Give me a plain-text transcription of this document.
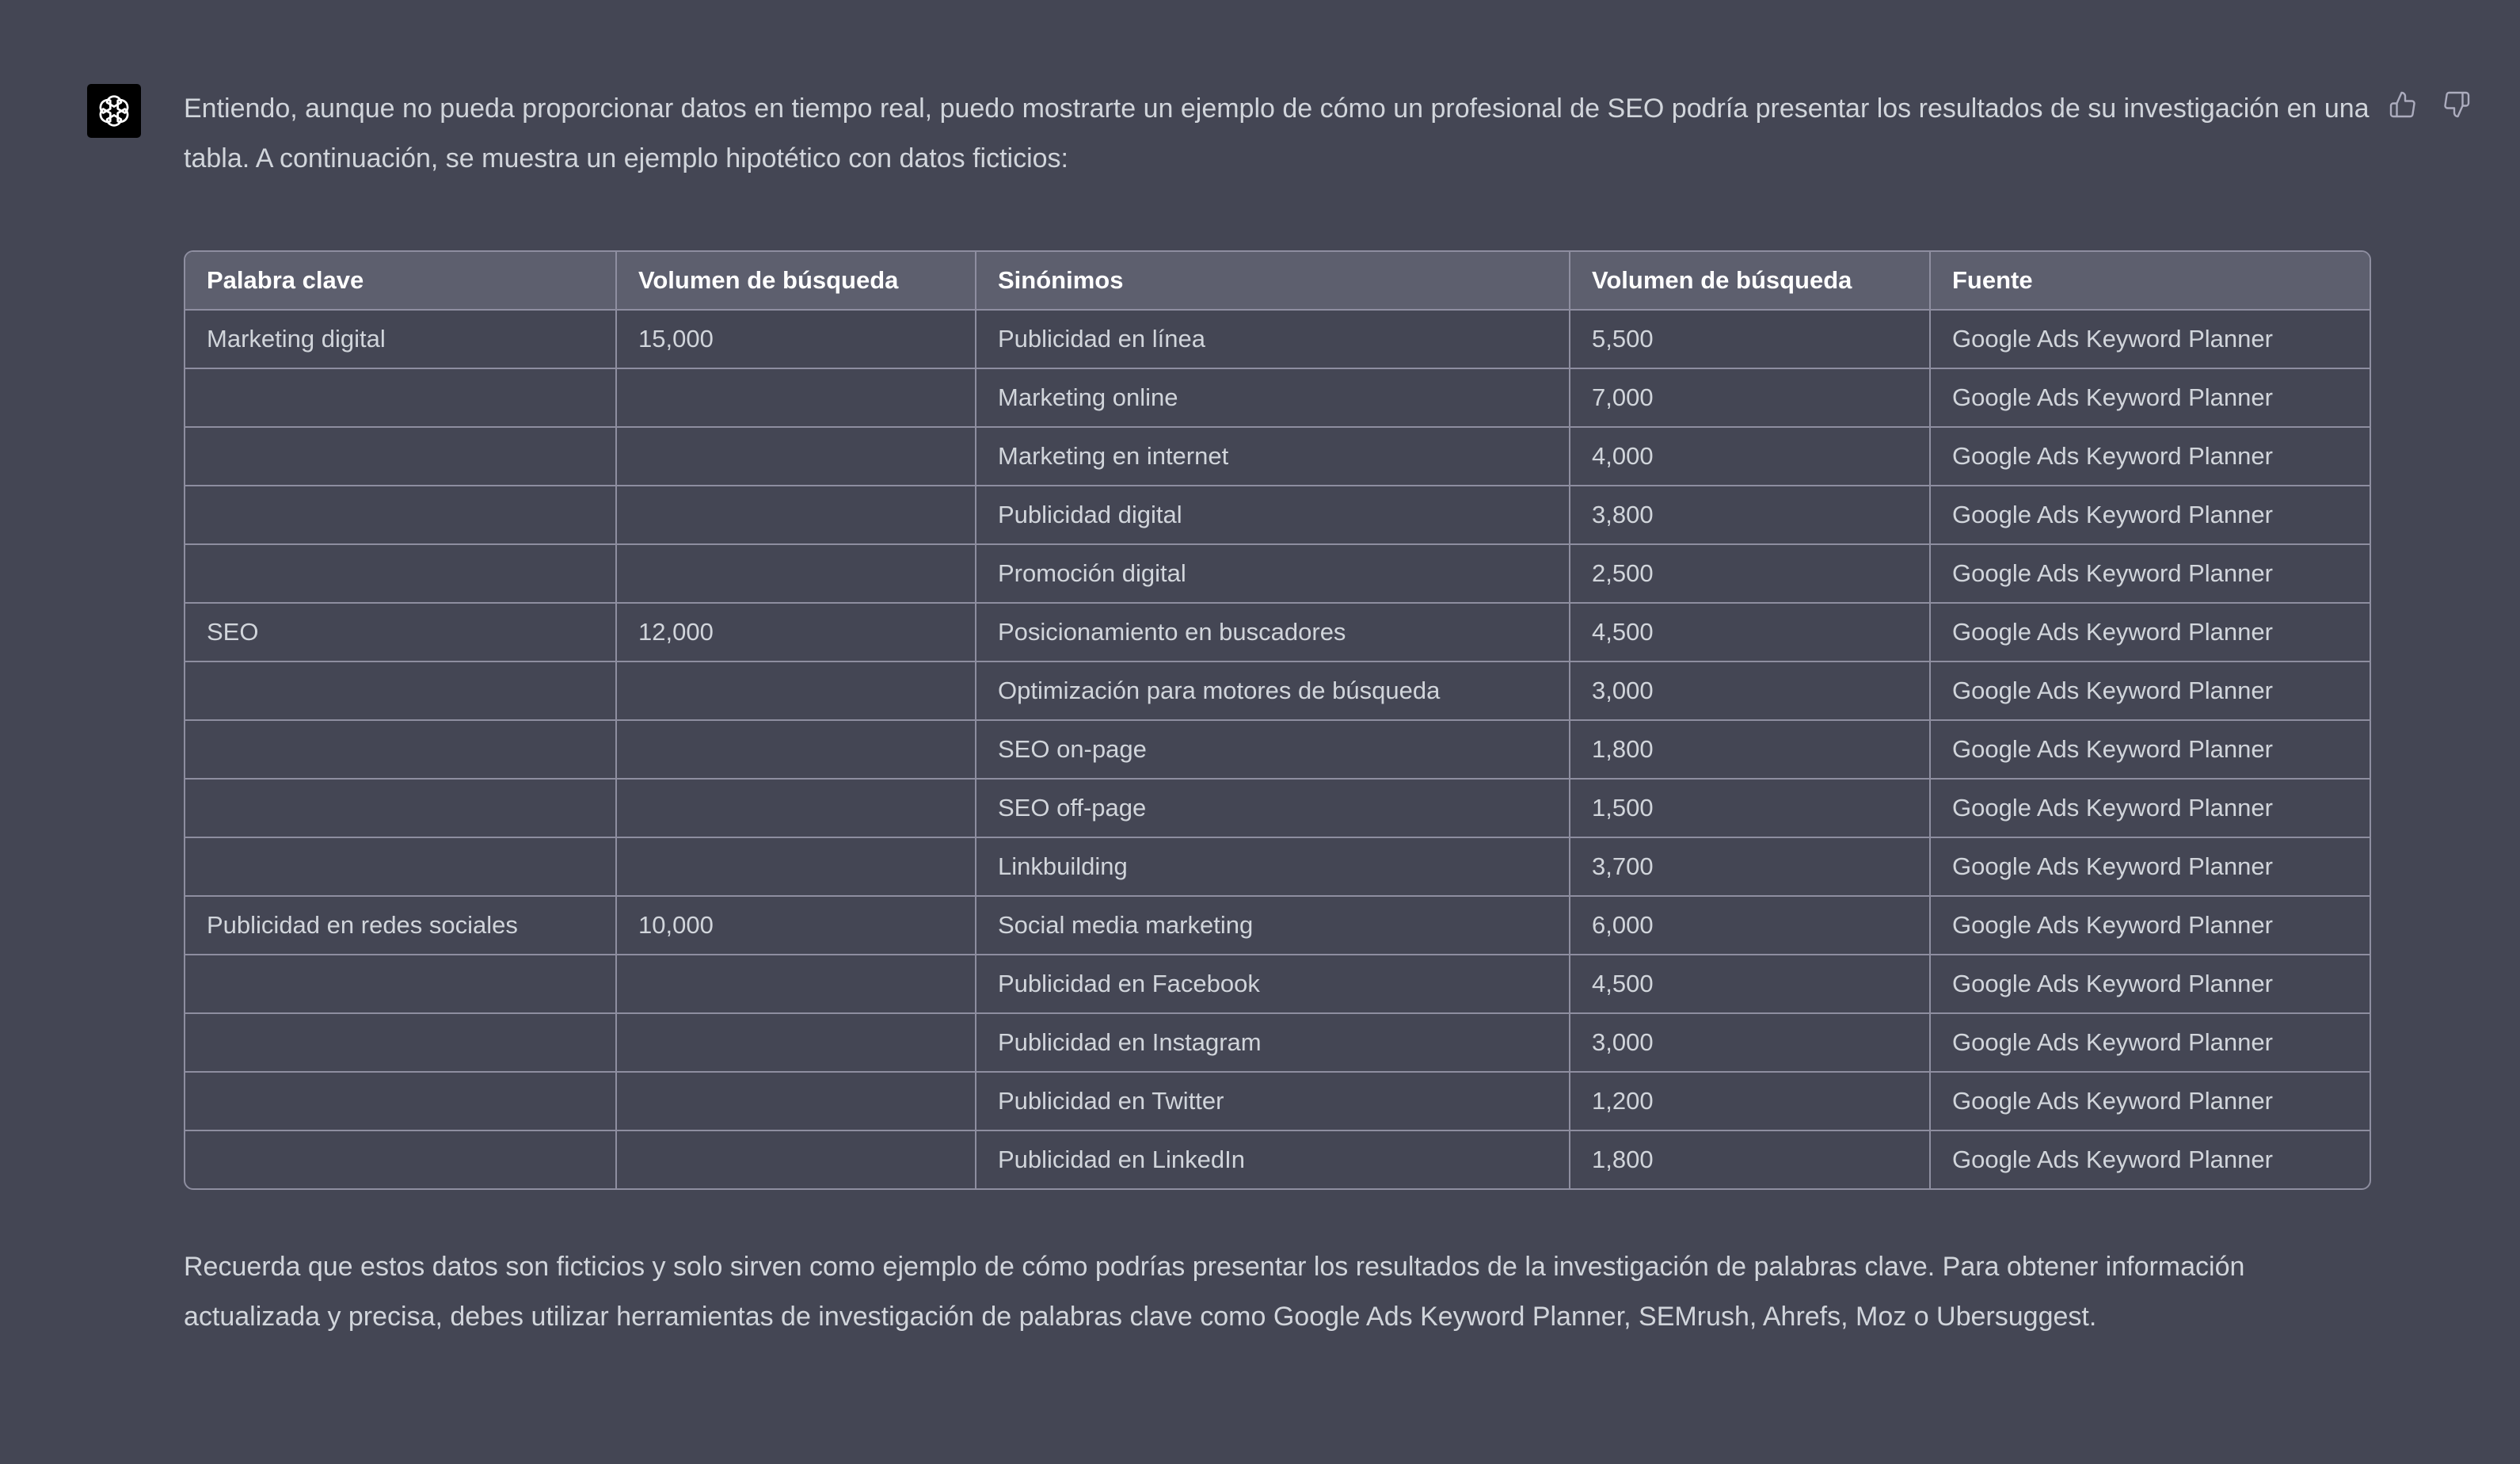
Entiendo, aunque no pueda proporcionar datos en tiempo real, puedo mostrarte un ejemplo de cómo un profesional de SEO podría presentar los resultados de su investigación en una tabla. A continuación, se muestra un ejemplo hipotético con datos ficticios:

Palabra clave	Volumen de búsqueda	Sinónimos	Volumen de búsqueda	Fuente
Marketing digital	15,000	Publicidad en línea	5,500	Google Ads Keyword Planner
		Marketing online	7,000	Google Ads Keyword Planner
		Marketing en internet	4,000	Google Ads Keyword Planner
		Publicidad digital	3,800	Google Ads Keyword Planner
		Promoción digital	2,500	Google Ads Keyword Planner
SEO	12,000	Posicionamiento en buscadores	4,500	Google Ads Keyword Planner
		Optimización para motores de búsqueda	3,000	Google Ads Keyword Planner
		SEO on-page	1,800	Google Ads Keyword Planner
		SEO off-page	1,500	Google Ads Keyword Planner
		Linkbuilding	3,700	Google Ads Keyword Planner
Publicidad en redes sociales	10,000	Social media marketing	6,000	Google Ads Keyword Planner
		Publicidad en Facebook	4,500	Google Ads Keyword Planner
		Publicidad en Instagram	3,000	Google Ads Keyword Planner
		Publicidad en Twitter	1,200	Google Ads Keyword Planner
		Publicidad en LinkedIn	1,800	Google Ads Keyword Planner

Recuerda que estos datos son ficticios y solo sirven como ejemplo de cómo podrías presentar los resultados de la investigación de palabras clave. Para obtener información actualizada y precisa, debes utilizar herramientas de investigación de palabras clave como Google Ads Keyword Planner, SEMrush, Ahrefs, Moz o Ubersuggest.
